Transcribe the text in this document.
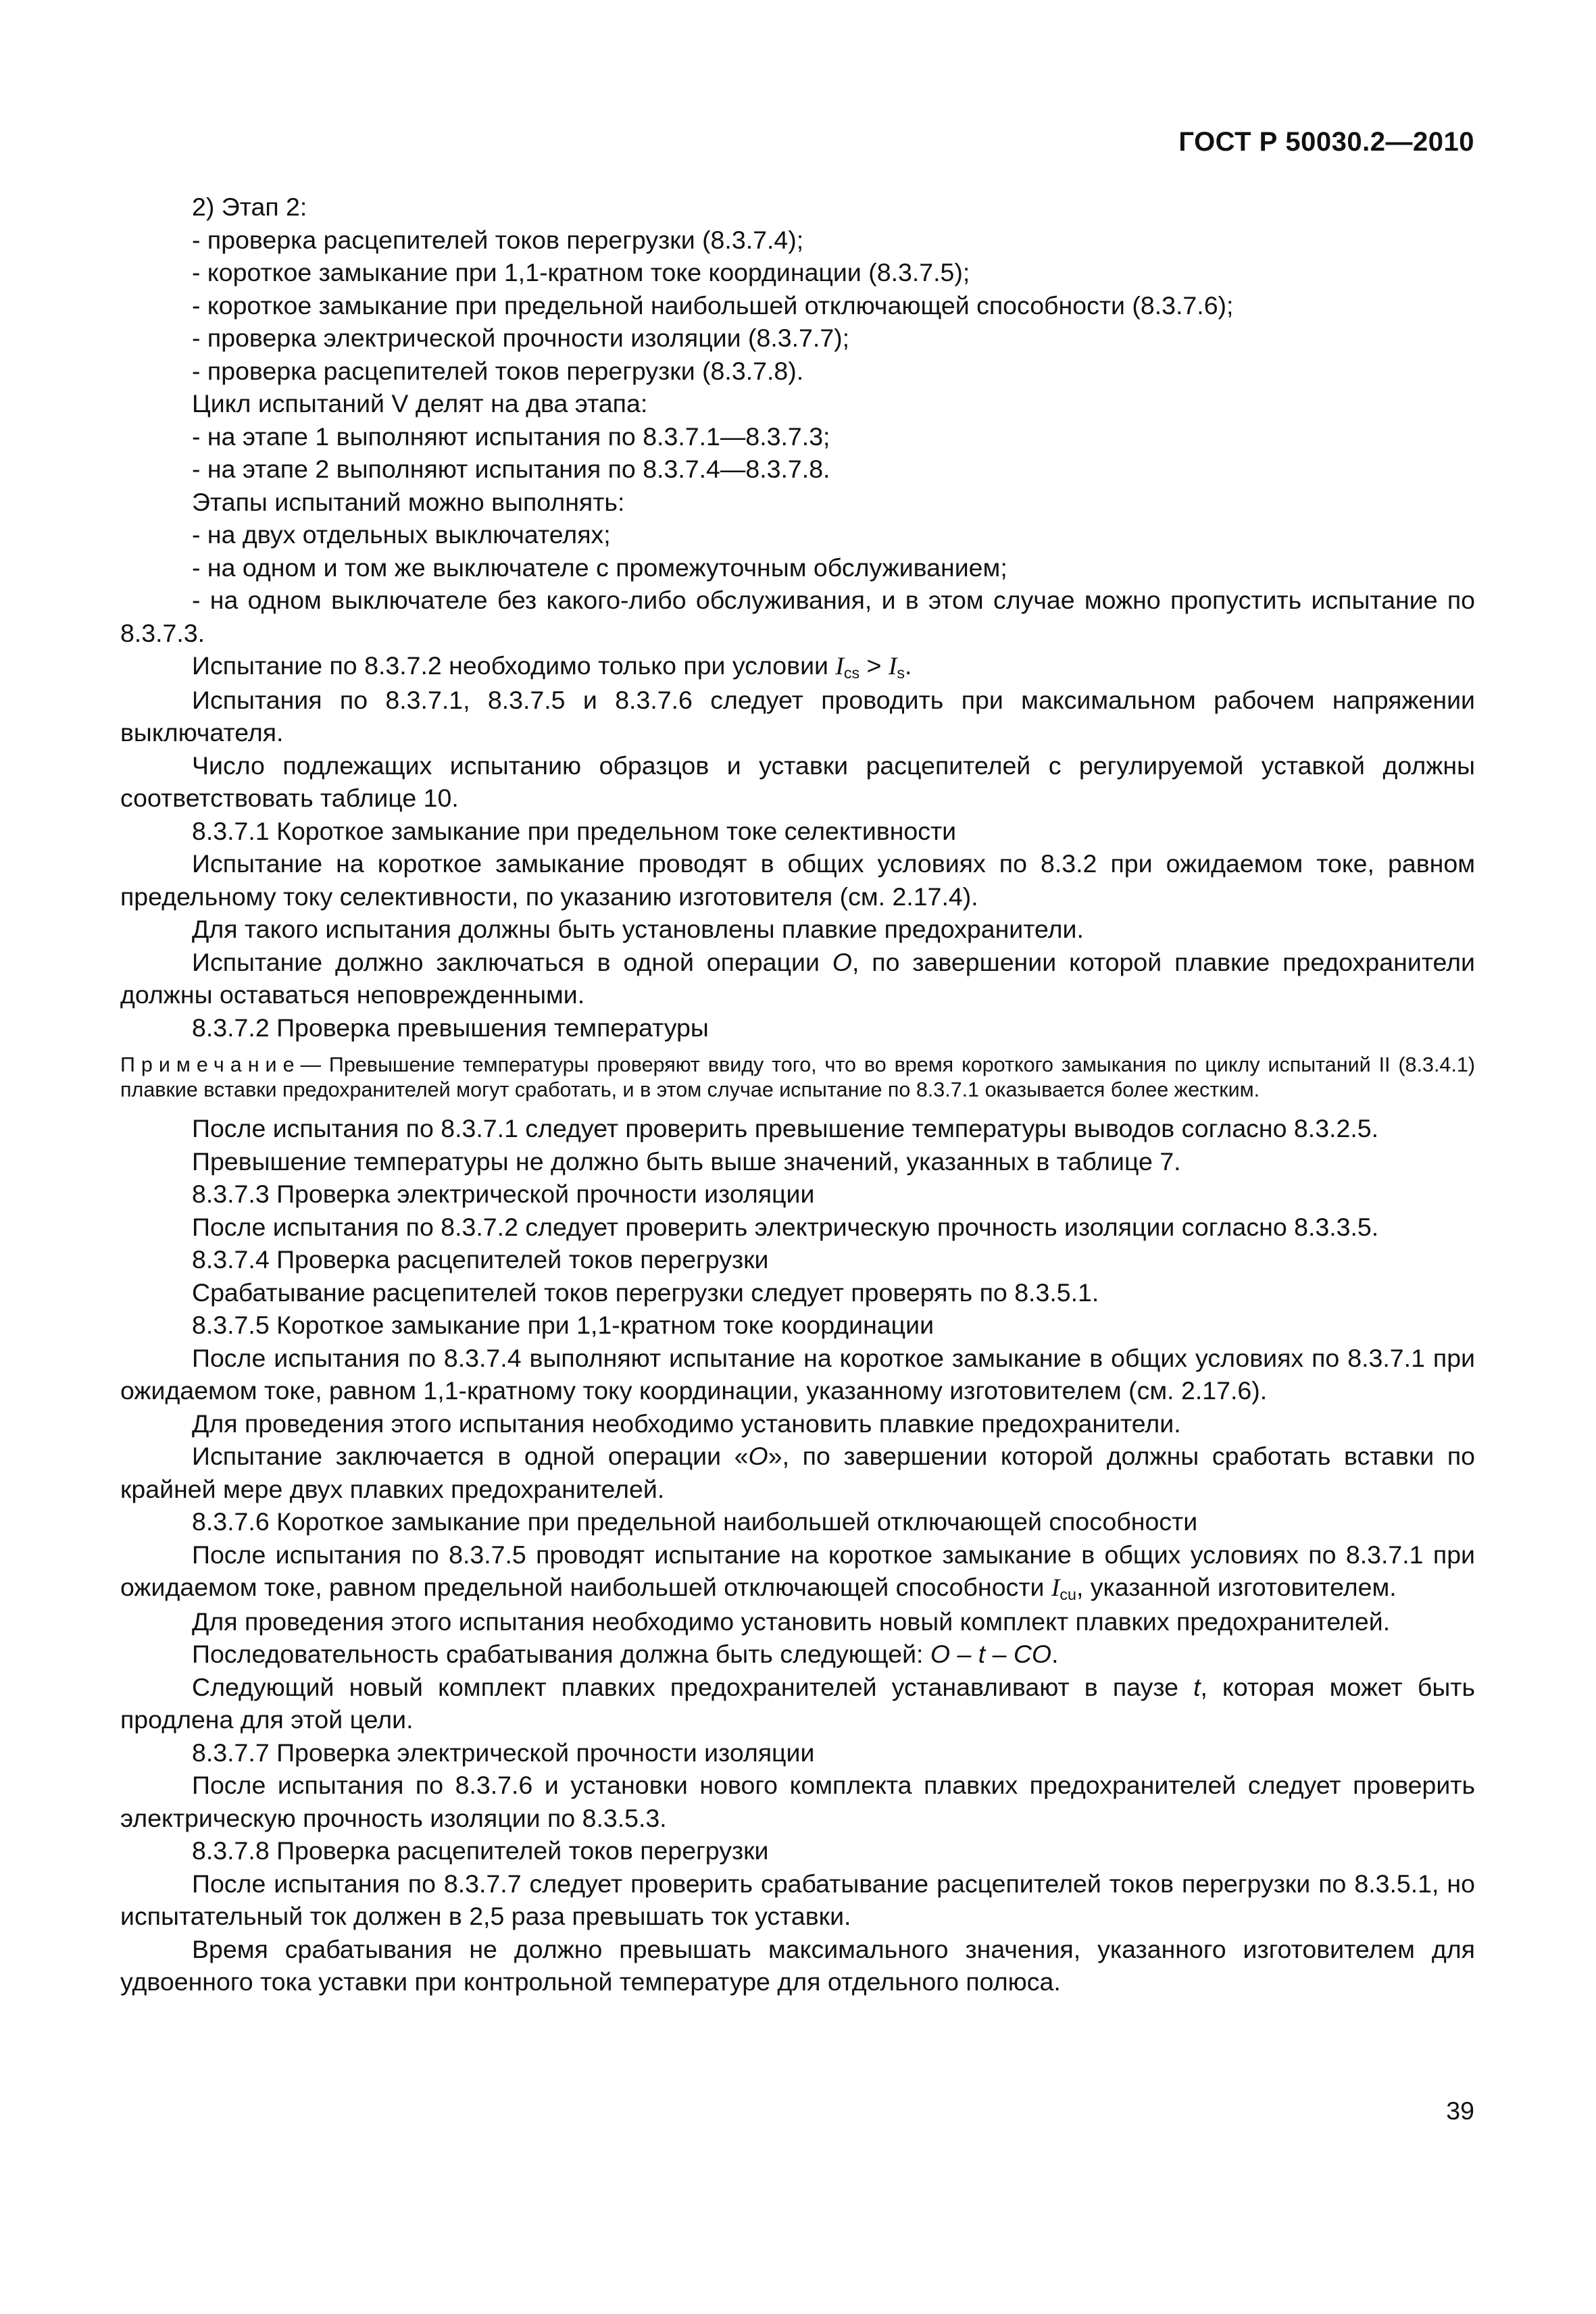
ГОСТ Р 50030.2—2010

2) Этап 2:

- проверка расцепителей токов перегрузки (8.3.7.4);

- короткое замыкание при 1,1-кратном токе координации (8.3.7.5);

- короткое замыкание при предельной наибольшей отключающей способности (8.3.7.6);

- проверка электрической прочности изоляции (8.3.7.7);

- проверка расцепителей токов перегрузки (8.3.7.8).

Цикл испытаний V делят на два этапа:

- на этапе 1 выполняют испытания по 8.3.7.1—8.3.7.3;

- на этапе 2 выполняют испытания по 8.3.7.4—8.3.7.8.

Этапы испытаний можно выполнять:

- на двух отдельных выключателях;

- на одном и том же выключателе с промежуточным обслуживанием;

- на одном выключателе без какого-либо обслуживания, и в этом случае можно пропустить испытание по 8.3.7.3.

Испытание по 8.3.7.2 необходимо только при условии $I_{cs} > I_s$.

Испытания по 8.3.7.1, 8.3.7.5 и 8.3.7.6 следует проводить при максимальном рабочем напряжении выключателя.

Число подлежащих испытанию образцов и уставки расцепителей с регулируемой уставкой должны соответствовать таблице 10.

8.3.7.1 Короткое замыкание при предельном токе селективности

Испытание на короткое замыкание проводят в общих условиях по 8.3.2 при ожидаемом токе, равном предельному току селективности, по указанию изготовителя (см. 2.17.4).

Для такого испытания должны быть установлены плавкие предохранители.

Испытание должно заключаться в одной операции О, по завершении которой плавкие предохранители должны оставаться неповрежденными.

8.3.7.2 Проверка превышения температуры

Примечание— Превышение температуры проверяют ввиду того, что во время короткого замыкания по циклу испытаний II (8.3.4.1) плавкие вставки предохранителей могут сработать, и в этом случае испытание по 8.3.7.1 оказывается более жестким.

После испытания по 8.3.7.1 следует проверить превышение температуры выводов согласно 8.3.2.5.

Превышение температуры не должно быть выше значений, указанных в таблице 7.

8.3.7.3 Проверка электрической прочности изоляции

После испытания по 8.3.7.2 следует проверить электрическую прочность изоляции согласно 8.3.3.5.

8.3.7.4 Проверка расцепителей токов перегрузки

Срабатывание расцепителей токов перегрузки следует проверять по 8.3.5.1.

8.3.7.5 Короткое замыкание при 1,1-кратном токе координации

После испытания по 8.3.7.4 выполняют испытание на короткое замыкание в общих условиях по 8.3.7.1 при ожидаемом токе, равном 1,1-кратному току координации, указанному изготовителем (см. 2.17.6).

Для проведения этого испытания необходимо установить плавкие предохранители.

Испытание заключается в одной операции «О», по завершении которой должны сработать вставки по крайней мере двух плавких предохранителей.

8.3.7.6 Короткое замыкание при предельной наибольшей отключающей способности

После испытания по 8.3.7.5 проводят испытание на короткое замыкание в общих условиях по 8.3.7.1 при ожидаемом токе, равном предельной наибольшей отключающей способности $I_{cu}$, указанной изготовителем.

Для проведения этого испытания необходимо установить новый комплект плавких предохранителей.

Последовательность срабатывания должна быть следующей: О – t – CO.

Следующий новый комплект плавких предохранителей устанавливают в паузе t, которая может быть продлена для этой цели.

8.3.7.7 Проверка электрической прочности изоляции

После испытания по 8.3.7.6 и установки нового комплекта плавких предохранителей следует проверить электрическую прочность изоляции по 8.3.5.3.

8.3.7.8 Проверка расцепителей токов перегрузки

После испытания по 8.3.7.7 следует проверить срабатывание расцепителей токов перегрузки по 8.3.5.1, но испытательный ток должен в 2,5 раза превышать ток уставки.

Время срабатывания не должно превышать максимального значения, указанного изготовителем для удвоенного тока уставки при контрольной температуре для отдельного полюса.

39
